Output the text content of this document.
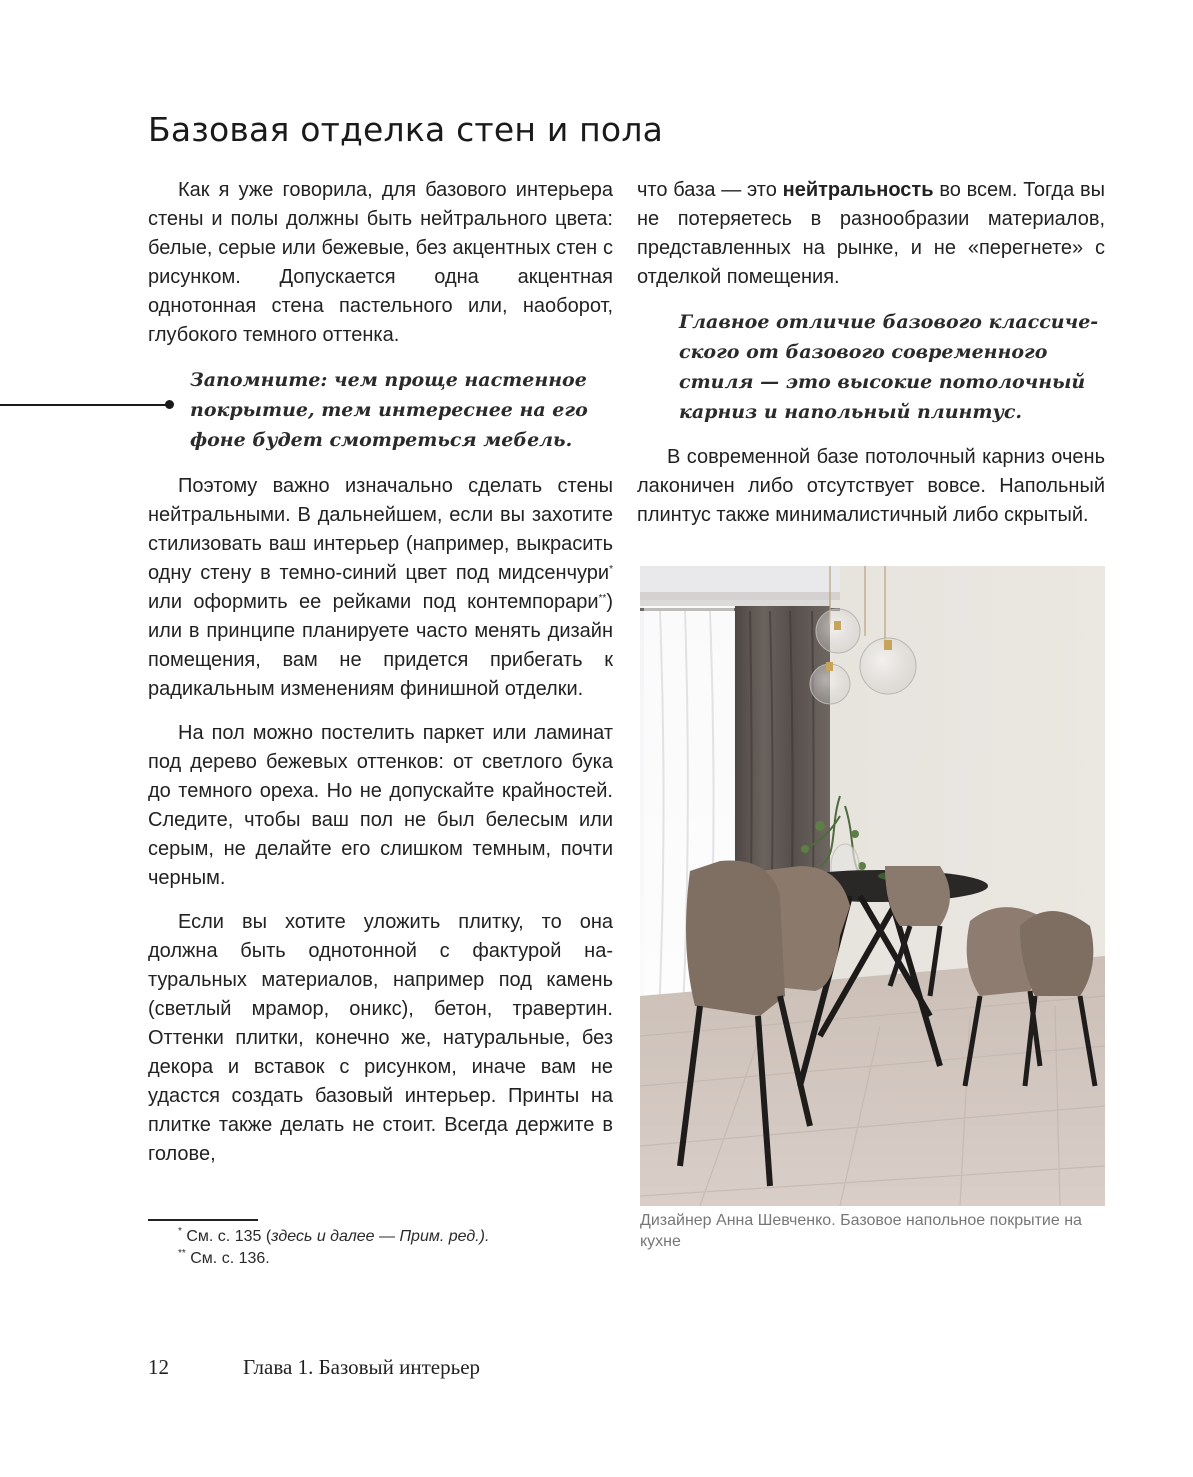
Базовая отделка стен и пола

Как я уже говорила, для базового интерьера стены и полы должны быть нейтрального цвета: белые, серые или бежевые, без акцентных стен с рисунком. Допускается одна акцентная однотонная стена пастельного или, наоборот, глубокого темного оттенка.

Запомните: чем проще настенное покрытие, тем интереснее на его фоне будет смотреться мебель.

Поэтому важно изначально сделать стены нейтральными. В дальнейшем, если вы захотите стилизовать ваш интерьер (например, выкрасить одну стену в темно-синий цвет под мидсенчури* или оформить ее рейками под контемпорари**) или в принципе планируете часто менять дизайн помещения, вам не придется прибегать к радикальным изменениям финишной отделки.

На пол можно постелить паркет или ламинат под дерево бежевых оттенков: от светлого бука до темного ореха. Но не допускайте крайностей. Следите, чтобы ваш пол не был белесым или серым, не делайте его слишком темным, почти черным.

Если вы хотите уложить плитку, то она должна быть однотонной с фактурой натуральных материалов, например под камень (светлый мрамор, оникс), бетон, травертин. Оттенки плитки, конечно же, натуральные, без декора и вставок с рисунком, иначе вам не удастся создать базовый интерьер. Принты на плитке также делать не стоит. Всегда держите в голове,

что база — это нейтральность во всем. Тогда вы не потеряетесь в разнообразии материалов, представленных на рынке, и не «перегнете» с отделкой помещения.

Главное отличие базового классического от базового современного стиля — это высокие потолочный карниз и напольный плинтус.

В современной базе потолочный карниз очень лаконичен либо отсутствует вовсе. Напольный плинтус также минималистичный либо скрытый.

Дизайнер Анна Шевченко. Базовое напольное покрытие на кухне

* См. с. 135 (здесь и далее — Прим. ред.).

** См. с. 136.

12	Глава 1. Базовый интерьер
